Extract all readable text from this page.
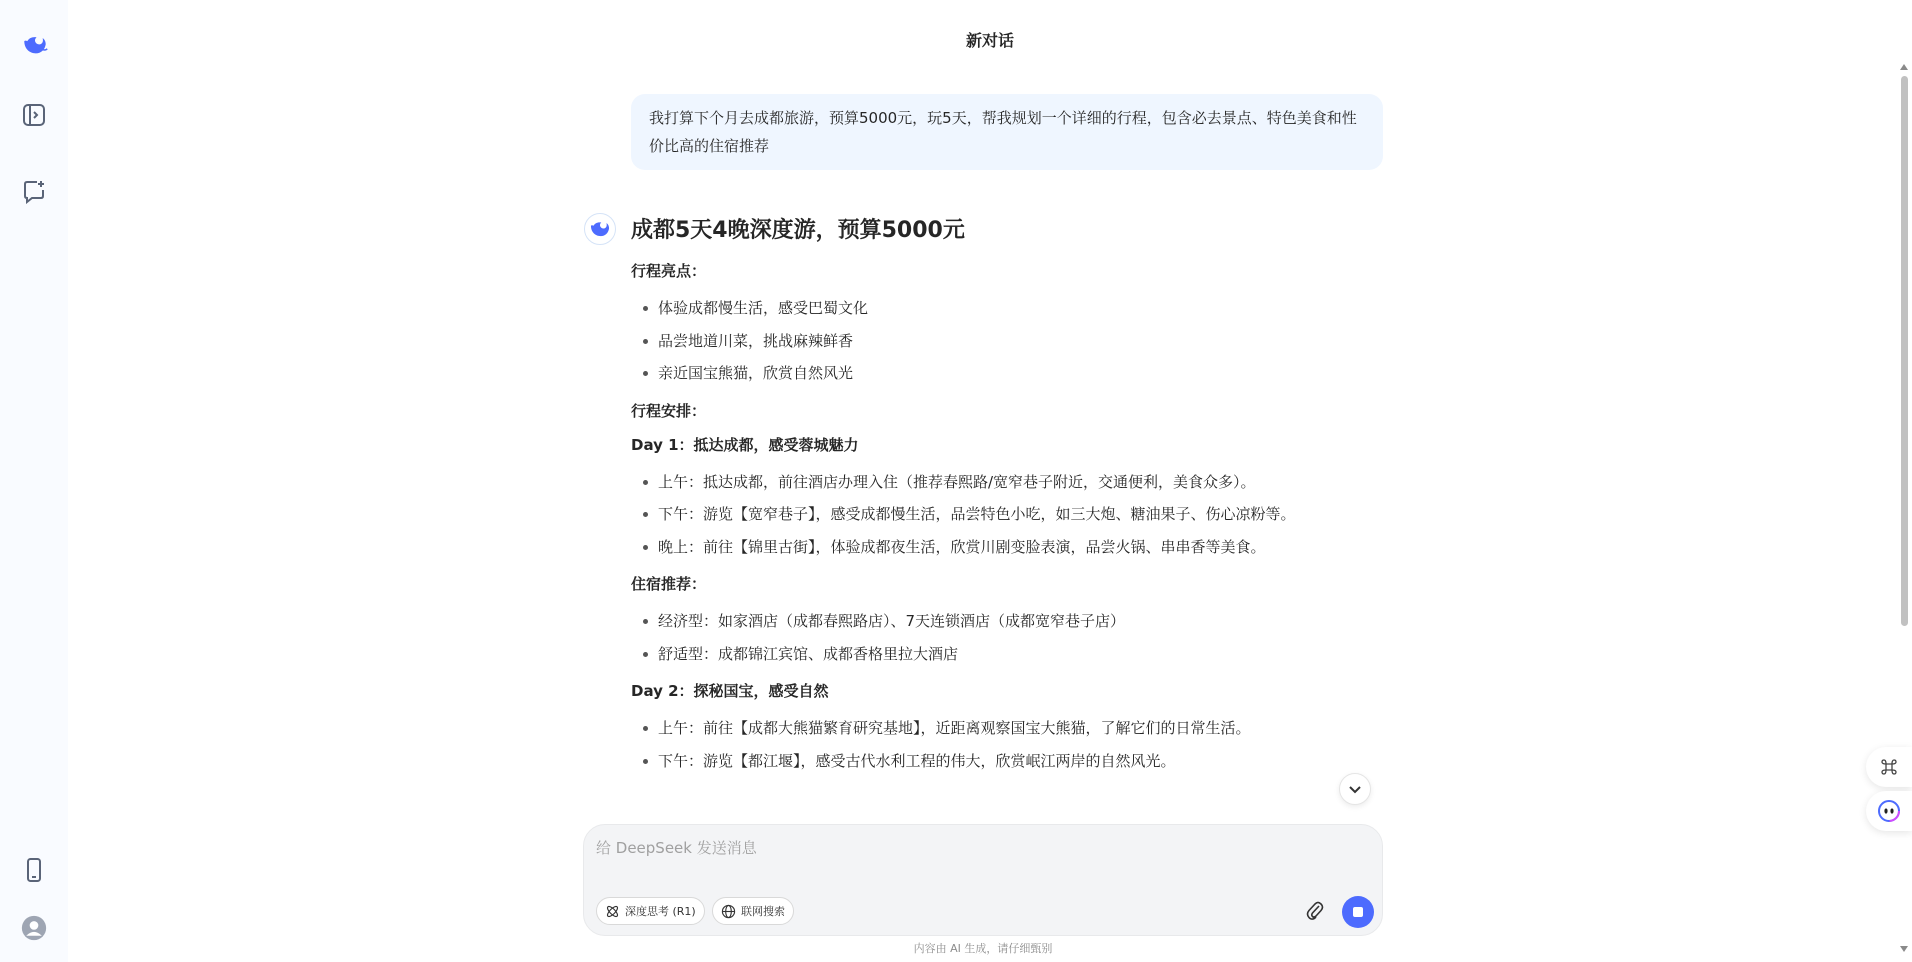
新对话
我打算下个月去成都旅游，预算5000元，玩5天，帮我规划一个详细的行程，包含必去景点、特色美食和性价比高的住宿推荐
成都5天4晚深度游，预算5000元
行程亮点：
体验成都慢生活，感受巴蜀文化
品尝地道川菜，挑战麻辣鲜香
亲近国宝熊猫，欣赏自然风光
行程安排：
Day 1：抵达成都，感受蓉城魅力
上午：抵达成都，前往酒店办理入住（推荐春熙路/宽窄巷子附近，交通便利，美食众多）。
下午：游览【宽窄巷子】，感受成都慢生活，品尝特色小吃，如三大炮、糖油果子、伤心凉粉等。
晚上：前往【锦里古街】，体验成都夜生活，欣赏川剧变脸表演，品尝火锅、串串香等美食。
住宿推荐：
经济型：如家酒店（成都春熙路店）、7天连锁酒店（成都宽窄巷子店）
舒适型：成都锦江宾馆、成都香格里拉大酒店
Day 2：探秘国宝，感受自然
上午：前往【成都大熊猫繁育研究基地】，近距离观察国宝大熊猫，了解它们的日常生活。
下午：游览【都江堰】，感受古代水利工程的伟大，欣赏岷江两岸的自然风光。
给 DeepSeek 发送消息
深度思考 (R1)	联网搜索
内容由 AI 生成，请仔细甄别
